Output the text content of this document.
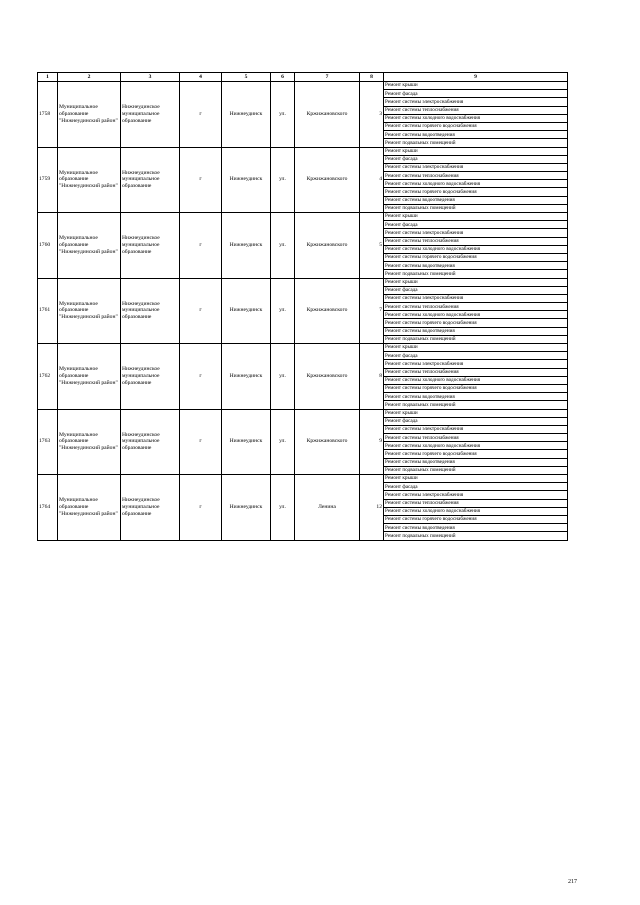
1	2	3	4	5	6	7	8	9
1758	Муниципальное образование "Нижнеудинский район"	Нижнеудинское муниципальное образование	г	Нижнеудинск	ул.	Кржижановского	3	Ремонт крыши
								Ремонт фасада
								Ремонт системы электроснабжения
								Ремонт системы теплоснабжения
								Ремонт системы холодного водоснабжения
								Ремонт системы горячего водоснабжения
								Ремонт системы водоотведения
								Ремонт подвальных помещений
1759	Муниципальное образование "Нижнеудинский район"	Нижнеудинское муниципальное образование	г	Нижнеудинск	ул.	Кржижановского	4	Ремонт крыши
								Ремонт фасада
								Ремонт системы электроснабжения
								Ремонт системы теплоснабжения
								Ремонт системы холодного водоснабжения
								Ремонт системы горячего водоснабжения
								Ремонт системы водоотведения
								Ремонт подвальных помещений
1760	Муниципальное образование "Нижнеудинский район"	Нижнеудинское муниципальное образование	г	Нижнеудинск	ул.	Кржижановского	5	Ремонт крыши
								Ремонт фасада
								Ремонт системы электроснабжения
								Ремонт системы теплоснабжения
								Ремонт системы холодного водоснабжения
								Ремонт системы горячего водоснабжения
								Ремонт системы водоотведения
								Ремонт подвальных помещений
1761	Муниципальное образование "Нижнеудинский район"	Нижнеудинское муниципальное образование	г	Нижнеудинск	ул.	Кржижановского	7	Ремонт крыши
								Ремонт фасада
								Ремонт системы электроснабжения
								Ремонт системы теплоснабжения
								Ремонт системы холодного водоснабжения
								Ремонт системы горячего водоснабжения
								Ремонт системы водоотведения
								Ремонт подвальных помещений
1762	Муниципальное образование "Нижнеудинский район"	Нижнеудинское муниципальное образование	г	Нижнеудинск	ул.	Кржижановского	8	Ремонт крыши
								Ремонт фасада
								Ремонт системы электроснабжения
								Ремонт системы теплоснабжения
								Ремонт системы холодного водоснабжения
								Ремонт системы горячего водоснабжения
								Ремонт системы водоотведения
								Ремонт подвальных помещений
1763	Муниципальное образование "Нижнеудинский район"	Нижнеудинское муниципальное образование	г	Нижнеудинск	ул.	Кржижановского	9	Ремонт крыши
								Ремонт фасада
								Ремонт системы электроснабжения
								Ремонт системы теплоснабжения
								Ремонт системы холодного водоснабжения
								Ремонт системы горячего водоснабжения
								Ремонт системы водоотведения
								Ремонт подвальных помещений
1764	Муниципальное образование "Нижнеудинский район"	Нижнеудинское муниципальное образование	г	Нижнеудинск	ул.	Ленина	12	Ремонт крыши
								Ремонт фасада
								Ремонт системы электроснабжения
								Ремонт системы теплоснабжения
								Ремонт системы холодного водоснабжения
								Ремонт системы горячего водоснабжения
								Ремонт системы водоотведения
								Ремонт подвальных помещений
217
